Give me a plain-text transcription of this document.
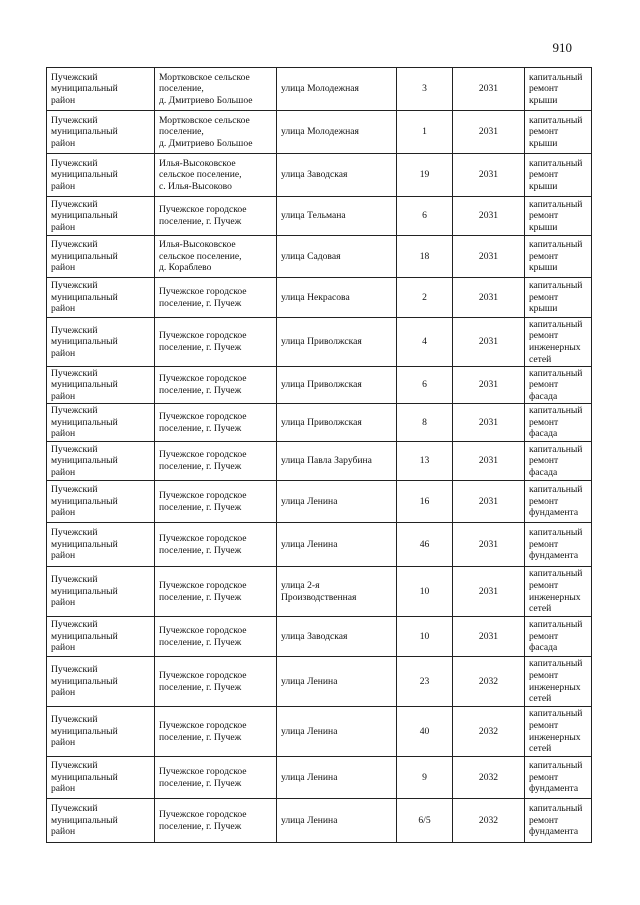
910
Пучежский
муниципальный
район	Мортковское сельское
поселение,
д. Дмитриево Большое	улица Молодежная	3	2031	капитальный
ремонт крыши
Пучежский
муниципальный
район	Мортковское сельское
поселение,
д. Дмитриево Большое	улица Молодежная	1	2031	капитальный
ремонт крыши
Пучежский
муниципальный
район	Илья-Высоковское
сельское поселение,
с. Илья-Высоково	улица Заводская	19	2031	капитальный
ремонт крыши
Пучежский
муниципальный
район	Пучежское городское
поселение, г. Пучеж	улица Тельмана	6	2031	капитальный
ремонт крыши
Пучежский
муниципальный
район	Илья-Высоковское
сельское поселение,
д. Кораблево	улица Садовая	18	2031	капитальный
ремонт крыши
Пучежский
муниципальный
район	Пучежское городское
поселение, г. Пучеж	улица Некрасова	2	2031	капитальный
ремонт крыши
Пучежский
муниципальный
район	Пучежское городское
поселение, г. Пучеж	улица Приволжская	4	2031	капитальный
ремонт
инженерных
сетей
Пучежский
муниципальный
район	Пучежское городское
поселение, г. Пучеж	улица Приволжская	6	2031	капитальный
ремонт фасада
Пучежский
муниципальный
район	Пучежское городское
поселение, г. Пучеж	улица Приволжская	8	2031	капитальный
ремонт фасада
Пучежский
муниципальный
район	Пучежское городское
поселение, г. Пучеж	улица Павла Зарубина	13	2031	капитальный
ремонт фасада
Пучежский
муниципальный
район	Пучежское городское
поселение, г. Пучеж	улица Ленина	16	2031	капитальный
ремонт
фундамента
Пучежский
муниципальный
район	Пучежское городское
поселение, г. Пучеж	улица Ленина	46	2031	капитальный
ремонт
фундамента
Пучежский
муниципальный
район	Пучежское городское
поселение, г. Пучеж	улица 2-я
Производственная	10	2031	капитальный
ремонт
инженерных
сетей
Пучежский
муниципальный
район	Пучежское городское
поселение, г. Пучеж	улица Заводская	10	2031	капитальный
ремонт фасада
Пучежский
муниципальный
район	Пучежское городское
поселение, г. Пучеж	улица Ленина	23	2032	капитальный
ремонт
инженерных
сетей
Пучежский
муниципальный
район	Пучежское городское
поселение, г. Пучеж	улица Ленина	40	2032	капитальный
ремонт
инженерных
сетей
Пучежский
муниципальный
район	Пучежское городское
поселение, г. Пучеж	улица Ленина	9	2032	капитальный
ремонт
фундамента
Пучежский
муниципальный
район	Пучежское городское
поселение, г. Пучеж	улица Ленина	6/5	2032	капитальный
ремонт
фундамента
